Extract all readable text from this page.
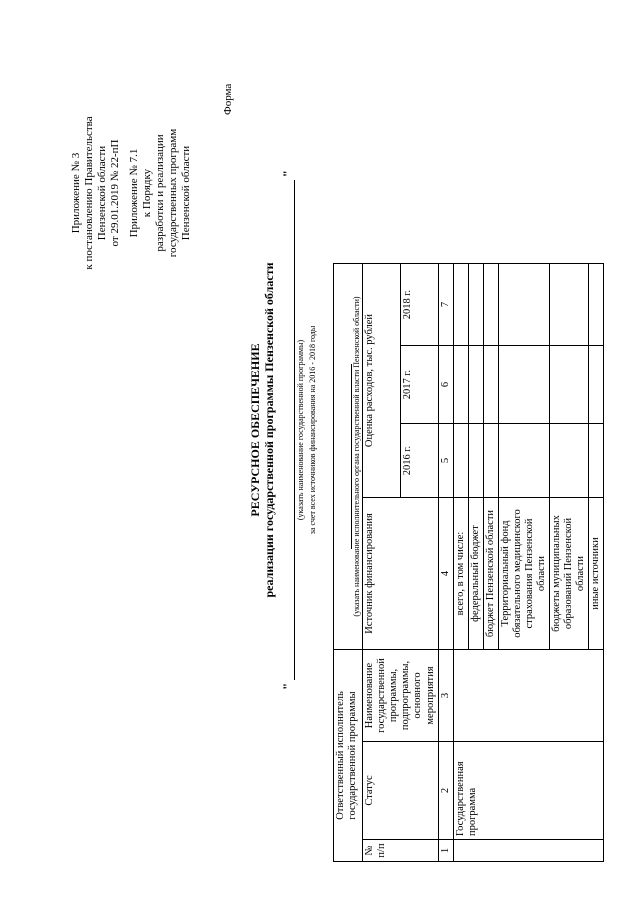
Приложение № 3 к постановлению Правительства Пензенской области от 29.01.2019 № 22-пП Приложение № 7.1 к Порядку разработки и реализации государственных программ Пензенской области
Форма
РЕСУРСНОЕ ОБЕСПЕЧЕНИЕ реализации государственной программы Пензенской области
"
"
(указать наименование государственной программы) за счет всех источников финансирования на 2016 - 2018 годы
Ответственный исполнитель государственной программы			(указать наименование исполнительного органа государственной власти Пензенской области)			

№ п/п	Статус	Наименование государственной программы, подпрограммы, основного мероприятия	Источник финансирования	Оценка расходов, тыс. рублей		
				2016 г.	2017 г.	2018 г.
1	2	3	4	5	6	7
	Государственная программа		всего, в том числе:			
			федеральный бюджет			
			бюджет Пензенской области			
			Территориальный фонд обязательного медицинского страхования Пензенской области			
			бюджеты муниципальных образований Пензенской области			
			иные источники			
